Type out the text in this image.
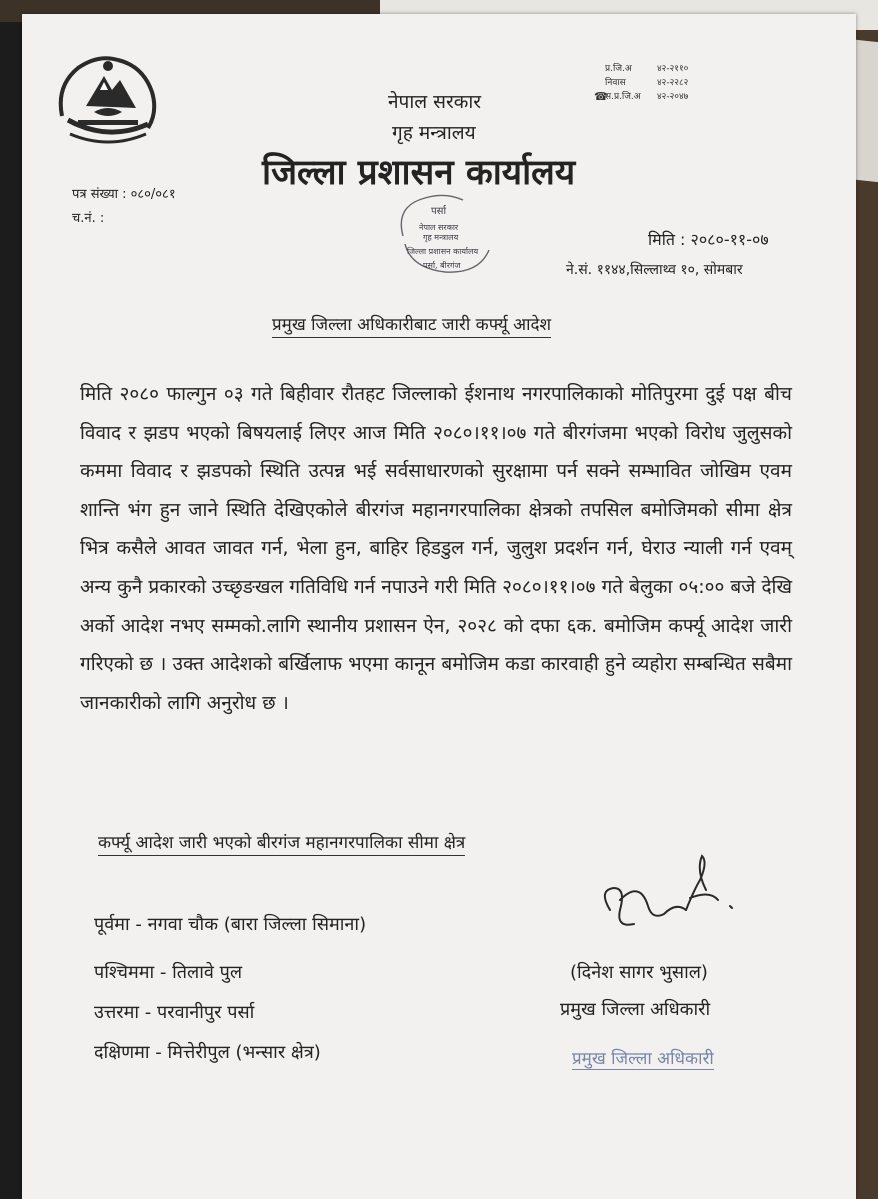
नेपाल सरकार
गृह मन्त्रालय
जिल्ला प्रशासन कार्यालय
प्र.जि.अ	४२-२११०
निवास	४२-२२८२
स.प्र.जि.अ	४२-२०४७
☎
पत्र संख्या : ०८०/०८१
च.नं. :
मिति : २०८०-११-०७
ने.सं. ११४४,सिल्लाथ्व १०, सोमबार
पर्सा
नेपाल सरकार
गृह मन्त्रालय
जिल्ला प्रशासन कार्यालय
पर्सा, बीरगंज
प्रमुख जिल्ला अधिकारीबाट जारी कर्फ्यू आदेश
मिति २०८० फाल्गुन ०३ गते बिहीवार रौतहट जिल्लाको ईशनाथ नगरपालिकाको मोतिपुरमा दुई पक्ष बीच विवाद र झडप भएको बिषयलाई लिएर आज मिति २०८०।११।०७ गते बीरगंजमा भएको विरोध जुलुसको कममा विवाद र झडपको स्थिति उत्पन्न भई सर्वसाधारणको सुरक्षामा पर्न सक्ने सम्भावित जोखिम एवम शान्ति भंग हुन जाने स्थिति देखिएकोले बीरगंज महानगरपालिका क्षेत्रको तपसिल बमोजिमको सीमा क्षेत्र भित्र कसैले आवत जावत गर्न, भेला हुन, बाहिर हिडडुल गर्न, जुलुश प्रदर्शन गर्न, घेराउ न्याली गर्न एवम् अन्य कुनै प्रकारको उच्छृङखल गतिविधि गर्न नपाउने गरी मिति २०८०।११।०७ गते बेलुका ०५:०० बजे देखि अर्को आदेश नभए सम्मको.लागि स्थानीय प्रशासन ऐन, २०२८ को दफा ६क. बमोजिम कर्फ्यू आदेश जारी गरिएको छ । उक्त आदेशको बर्खिलाफ भएमा कानून बमोजिम कडा कारवाही हुने व्यहोरा सम्बन्धित सबैमा जानकारीको लागि अनुरोध छ ।
कर्फ्यू आदेश जारी भएको बीरगंज महानगरपालिका सीमा क्षेत्र
पूर्वमा - नगवा चौक (बारा जिल्ला सिमाना)
पश्चिममा - तिलावे पुल
उत्तरमा - परवानीपुर पर्सा
दक्षिणमा - मित्तेरीपुल (भन्सार क्षेत्र)
(दिनेश सागर भुसाल)
प्रमुख जिल्ला अधिकारी
प्रमुख जिल्ला अधिकारी
